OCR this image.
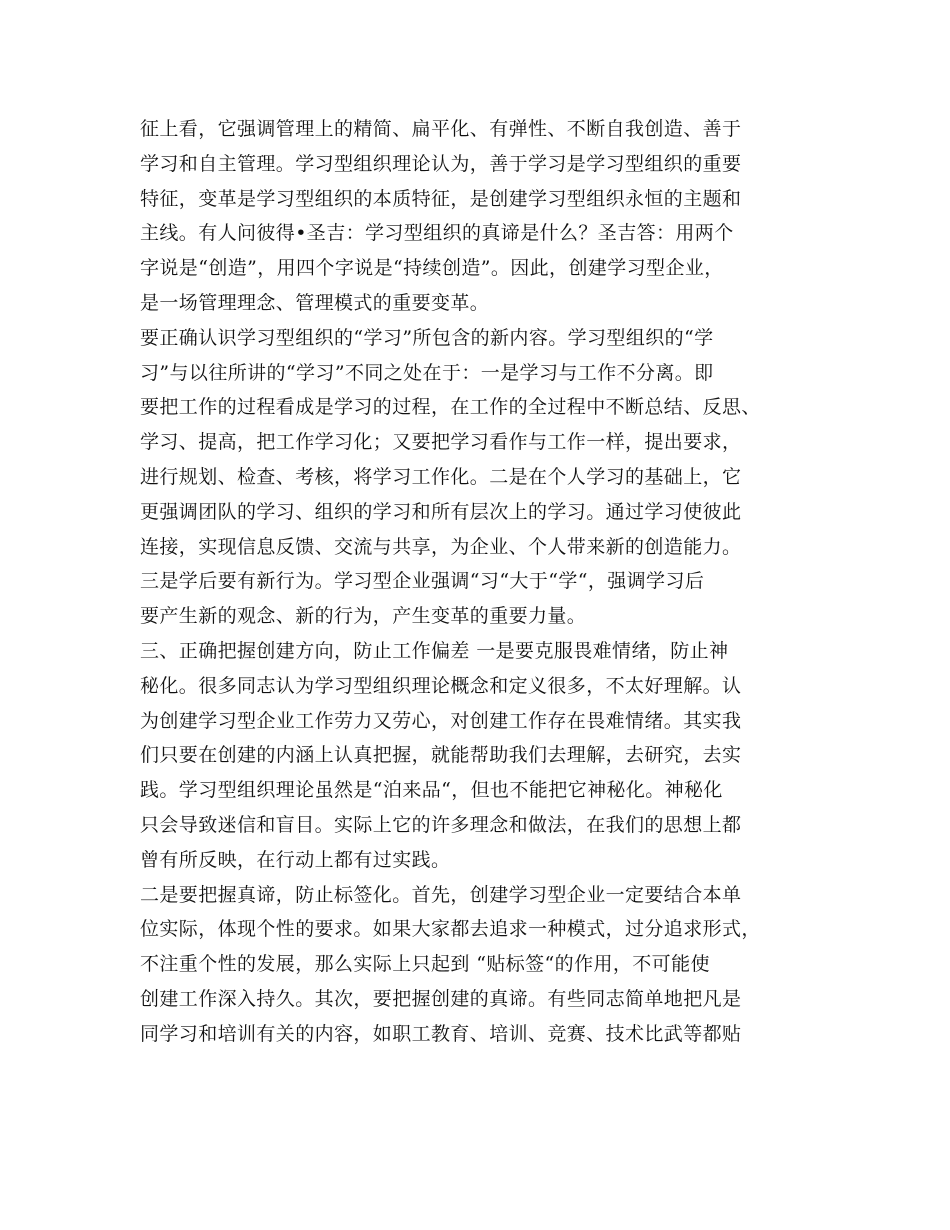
征上看，它强调管理上的精简、扁平化、有弹性、不断自我创造、善于
学习和自主管理。学习型组织理论认为，善于学习是学习型组织的重要
特征，变革是学习型组织的本质特征，是创建学习型组织永恒的主题和
主线。有人问彼得•圣吉：学习型组织的真谛是什么？圣吉答：用两个
字说是“创造”，用四个字说是“持续创造”。因此，创建学习型企业，
是一场管理理念、管理模式的重要变革。
要正确认识学习型组织的“学习”所包含的新内容。学习型组织的“学
习”与以往所讲的“学习”不同之处在于：一是学习与工作不分离。即
要把工作的过程看成是学习的过程，在工作的全过程中不断总结、反思、
学习、提高，把工作学习化；又要把学习看作与工作一样，提出要求，
进行规划、检查、考核，将学习工作化。二是在个人学习的基础上，它
更强调团队的学习、组织的学习和所有层次上的学习。通过学习使彼此
连接，实现信息反馈、交流与共享，为企业、个人带来新的创造能力。
三是学后要有新行为。学习型企业强调“习“大于“学“，强调学习后
要产生新的观念、新的行为，产生变革的重要力量。
三、正确把握创建方向，防止工作偏差 一是要克服畏难情绪，防止神
秘化。很多同志认为学习型组织理论概念和定义很多，不太好理解。认
为创建学习型企业工作劳力又劳心，对创建工作存在畏难情绪。其实我
们只要在创建的内涵上认真把握，就能帮助我们去理解，去研究，去实
践。学习型组织理论虽然是“泊来品“，但也不能把它神秘化。神秘化
只会导致迷信和盲目。实际上它的许多理念和做法，在我们的思想上都
曾有所反映，在行动上都有过实践。
二是要把握真谛，防止标签化。首先，创建学习型企业一定要结合本单
位实际，体现个性的要求。如果大家都去追求一种模式，过分追求形式，
不注重个性的发展，那么实际上只起到 “贴标签“的作用，不可能使
创建工作深入持久。其次，要把握创建的真谛。有些同志简单地把凡是
同学习和培训有关的内容，如职工教育、培训、竞赛、技术比武等都贴
